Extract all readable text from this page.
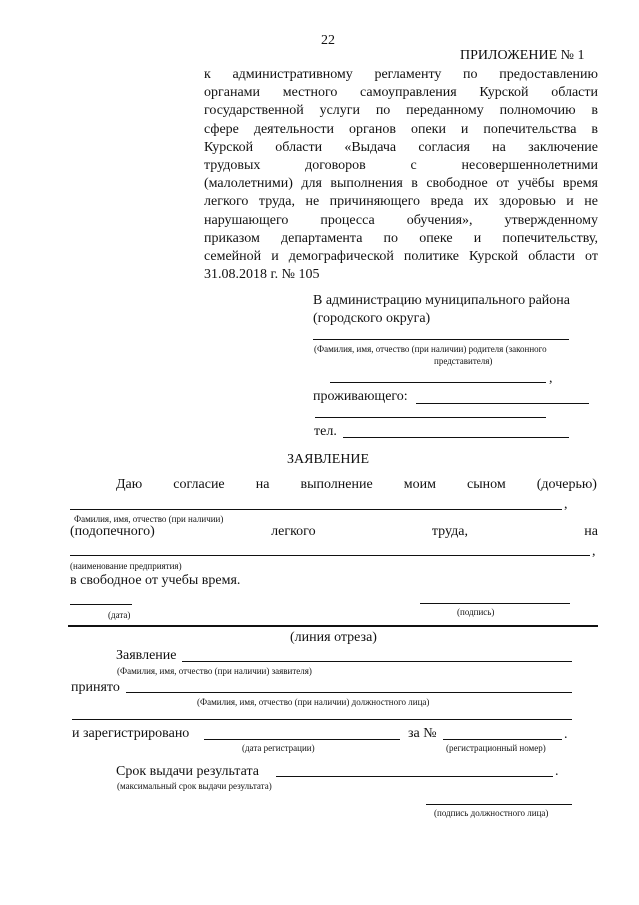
22
ПРИЛОЖЕНИЕ № 1
к административному регламенту по предоставлению
органами местного самоуправления Курской области
государственной услуги по переданному полномочию в
сфере деятельности органов опеки и попечительства в
Курской области «Выдача согласия на заключение
трудовых договоров с несовершеннолетними
(малолетними) для выполнения в свободное от учёбы время
легкого труда, не причиняющего вреда их здоровью и не
нарушающего процесса обучения», утвержденному
приказом департамента по опеке и попечительству,
семейной и демографической политике Курской области от
31.08.2018 г. № 105
В администрацию муниципального района
(городского округа)
(Фамилия, имя, отчество (при наличии) родителя (законного
представителя)
,
проживающего:
тел.
ЗАЯВЛЕНИЕ
Даю согласие на выполнение моим сыном (дочерью)
,
Фамилия, имя, отчество (при наличии)
(подопечного)	легкого	труда,	на
,
(наименование предприятия)
в свободное от учебы время.
(дата)	(подпись)
(линия отреза)
Заявление
(Фамилия, имя, отчество (при наличии) заявителя)
принято
(Фамилия, имя, отчество (при наличии) должностного лица)
и зарегистрировано	за №	.
(дата регистрации)	(регистрационный номер)
Срок выдачи результата	.
(максимальный срок выдачи результата)
(подпись должностного лица)
